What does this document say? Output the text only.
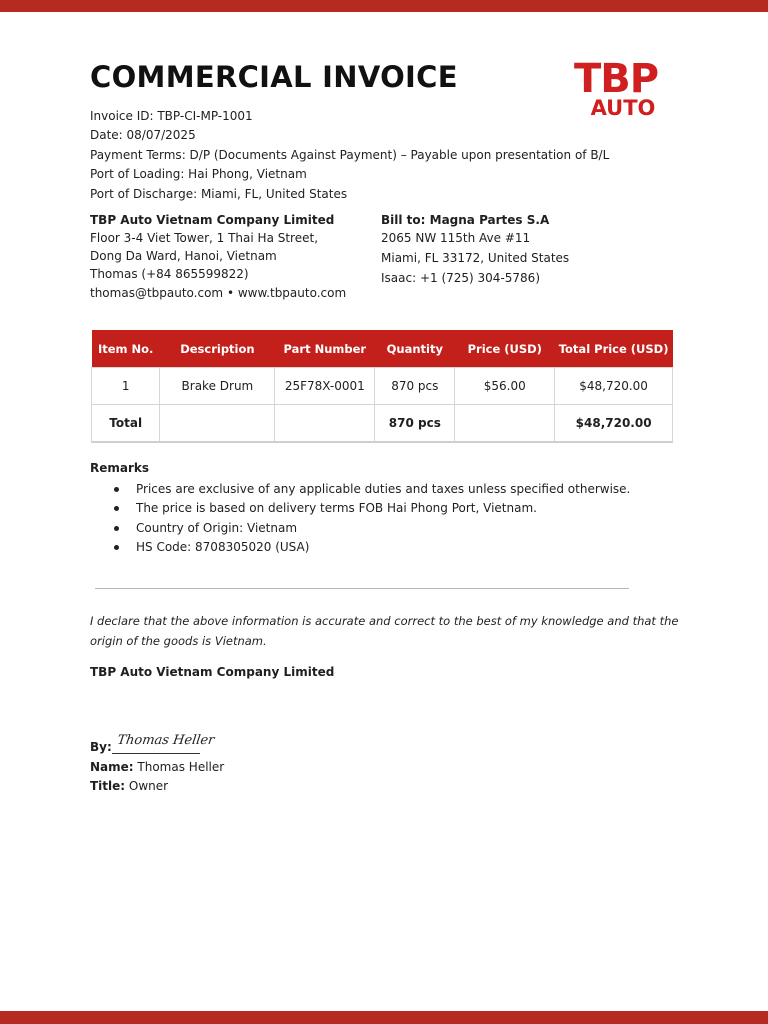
COMMERCIAL INVOICE	TBP
AUTO
Invoice ID: TBP-CI-MP-1001
Date: 08/07/2025
Payment Terms: D/P (Documents Against Payment) – Payable upon presentation of B/L
Port of Loading: Hai Phong, Vietnam
Port of Discharge: Miami, FL, United States
TBP Auto Vietnam Company Limited
Floor 3-4 Viet Tower, 1 Thai Ha Street,
Dong Da Ward, Hanoi, Vietnam
Thomas (+84 865599822)
thomas@tbpauto.com • www.tbpauto.com
Bill to: Magna Partes S.A
2065 NW 115th Ave #11
Miami, FL 33172, United States
Isaac: +1 (725) 304-5786)
Item No.	Description	Part Number	Quantity	Price (USD)	Total Price (USD)
1	Brake Drum	25F78X-0001	870 pcs	$56.00	$48,720.00
Total			870 pcs		$48,720.00
Remarks
Prices are exclusive of any applicable duties and taxes unless specified otherwise.
The price is based on delivery terms FOB Hai Phong Port, Vietnam.
Country of Origin: Vietnam
HS Code: 8708305020 (USA)
I declare that the above information is accurate and correct to the best of my knowledge and that the origin of the goods is Vietnam.
TBP Auto Vietnam Company Limited
By: Thomas Heller
Name: Thomas Heller
Title: Owner
